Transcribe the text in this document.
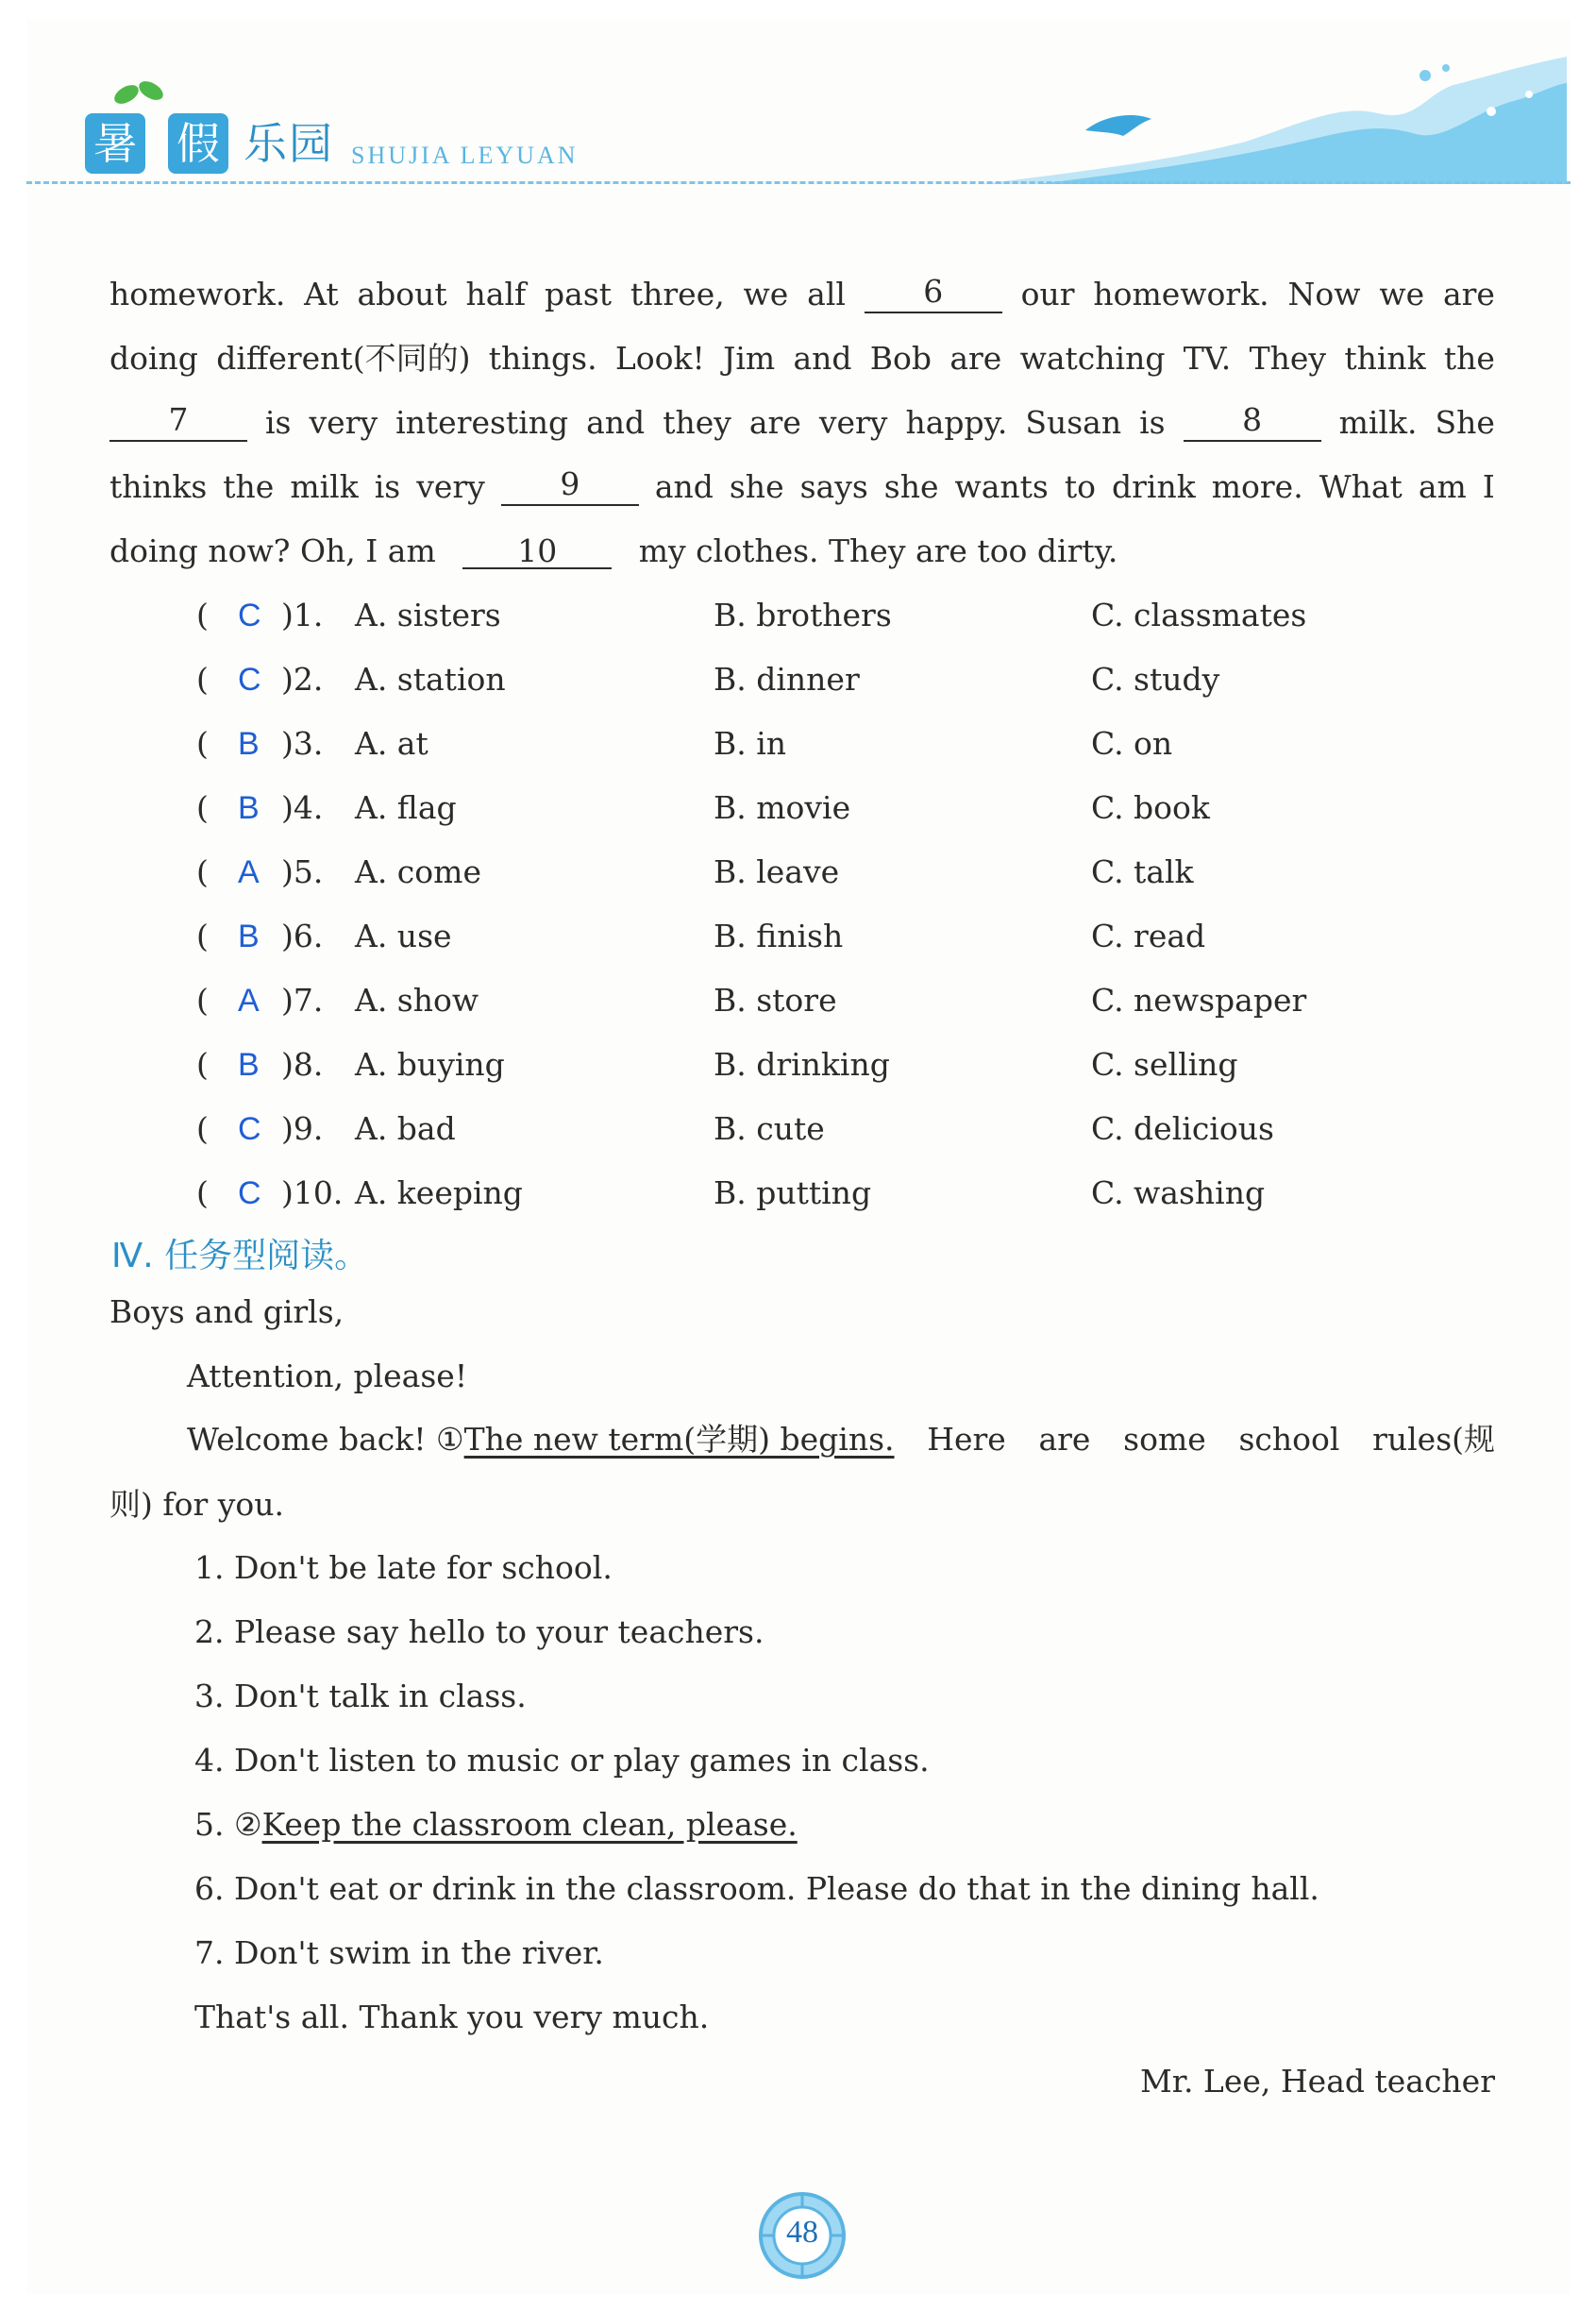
暑 假 乐 园 SHUJIA LEYUAN
homework. At about half past three, we all	6	our homework. Now we are
doing different(不同的) things. Look! Jim and Bob are watching TV. They think the
7	is very interesting and they are very happy. Susan is	8	milk. She
thinks the milk is very	9	and she says she wants to drink more. What am I
doing now? Oh, I am	10	my clothes. They are too dirty.
( C )1. A. sisters	B. brothers	C. classmates
( C )2. A. station	B. dinner	C. study
( B )3. A. at	B. in	C. on
( B )4. A. flag	B. movie	C. book
( A )5. A. come	B. leave	C. talk
( B )6. A. use	B. finish	C. read
( A )7. A. show	B. store	C. newspaper
( B )8. A. buying	B. drinking	C. selling
( C )9. A. bad	B. cute	C. delicious
( C )10. A. keeping	B. putting	C. washing
Ⅳ. 任务型阅读。
Boys and girls,
Attention, please!
Welcome back! ①The new term(学期) begins. Here are some school rules(规
则) for you.
1. Don't be late for school.
2. Please say hello to your teachers.
3. Don't talk in class.
4. Don't listen to music or play games in class.
5. ②Keep the classroom clean, please.
6. Don't eat or drink in the classroom. Please do that in the dining hall.
7. Don't swim in the river.
That's all. Thank you very much.
Mr. Lee, Head teacher
48
